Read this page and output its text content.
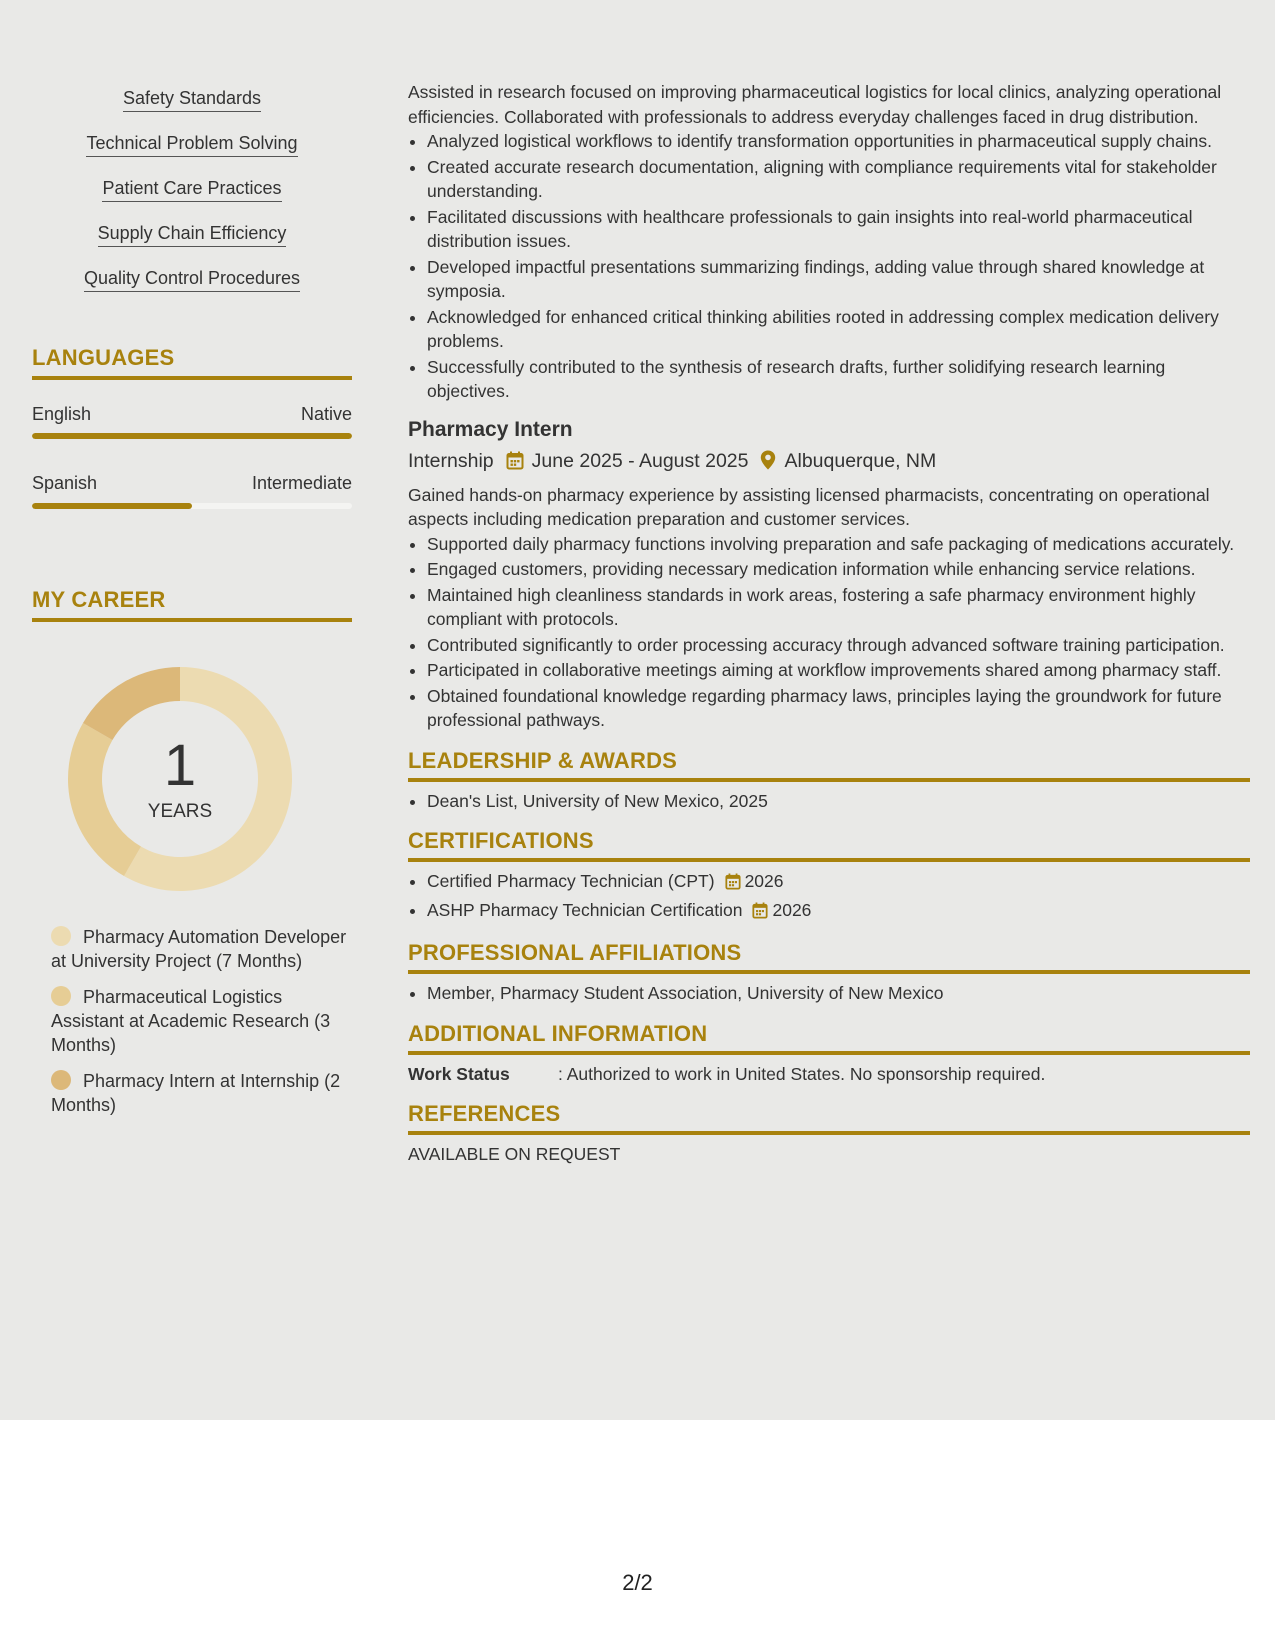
Safety Standards
Technical Problem Solving
Patient Care Practices
Supply Chain Efficiency
Quality Control Procedures
LANGUAGES
English	Native
Spanish	Intermediate
MY CAREER
1
YEARS
Pharmacy Automation Developer at University Project (7 Months)
Pharmaceutical Logistics Assistant at Academic Research (3 Months)
Pharmacy Intern at Internship (2 Months)

Assisted in research focused on improving pharmaceutical logistics for local clinics, analyzing operational efficiencies. Collaborated with professionals to address everyday challenges faced in drug distribution.

• Analyzed logistical workflows to identify transformation opportunities in pharmaceutical supply chains.
• Created accurate research documentation, aligning with compliance requirements vital for stakeholder understanding.
• Facilitated discussions with healthcare professionals to gain insights into real-world pharmaceutical distribution issues.
• Developed impactful presentations summarizing findings, adding value through shared knowledge at symposia.
• Acknowledged for enhanced critical thinking abilities rooted in addressing complex medication delivery problems.
• Successfully contributed to the synthesis of research drafts, further solidifying research learning objectives.
Pharmacy Intern
Internship June 2025 - August 2025 Albuquerque, NM

Gained hands-on pharmacy experience by assisting licensed pharmacists, concentrating on operational aspects including medication preparation and customer services.

• Supported daily pharmacy functions involving preparation and safe packaging of medications accurately.
• Engaged customers, providing necessary medication information while enhancing service relations.
• Maintained high cleanliness standards in work areas, fostering a safe pharmacy environment highly compliant with protocols.
• Contributed significantly to order processing accuracy through advanced software training participation.
• Participated in collaborative meetings aiming at workflow improvements shared among pharmacy staff.
• Obtained foundational knowledge regarding pharmacy laws, principles laying the groundwork for future professional pathways.
LEADERSHIP & AWARDS
• Dean's List, University of New Mexico, 2025
CERTIFICATIONS
• Certified Pharmacy Technician (CPT) 2026
• ASHP Pharmacy Technician Certification 2026
PROFESSIONAL AFFILIATIONS
• Member, Pharmacy Student Association, University of New Mexico
ADDITIONAL INFORMATION
Work Status	: Authorized to work in United States. No sponsorship required.
REFERENCES

AVAILABLE ON REQUEST

2/2
